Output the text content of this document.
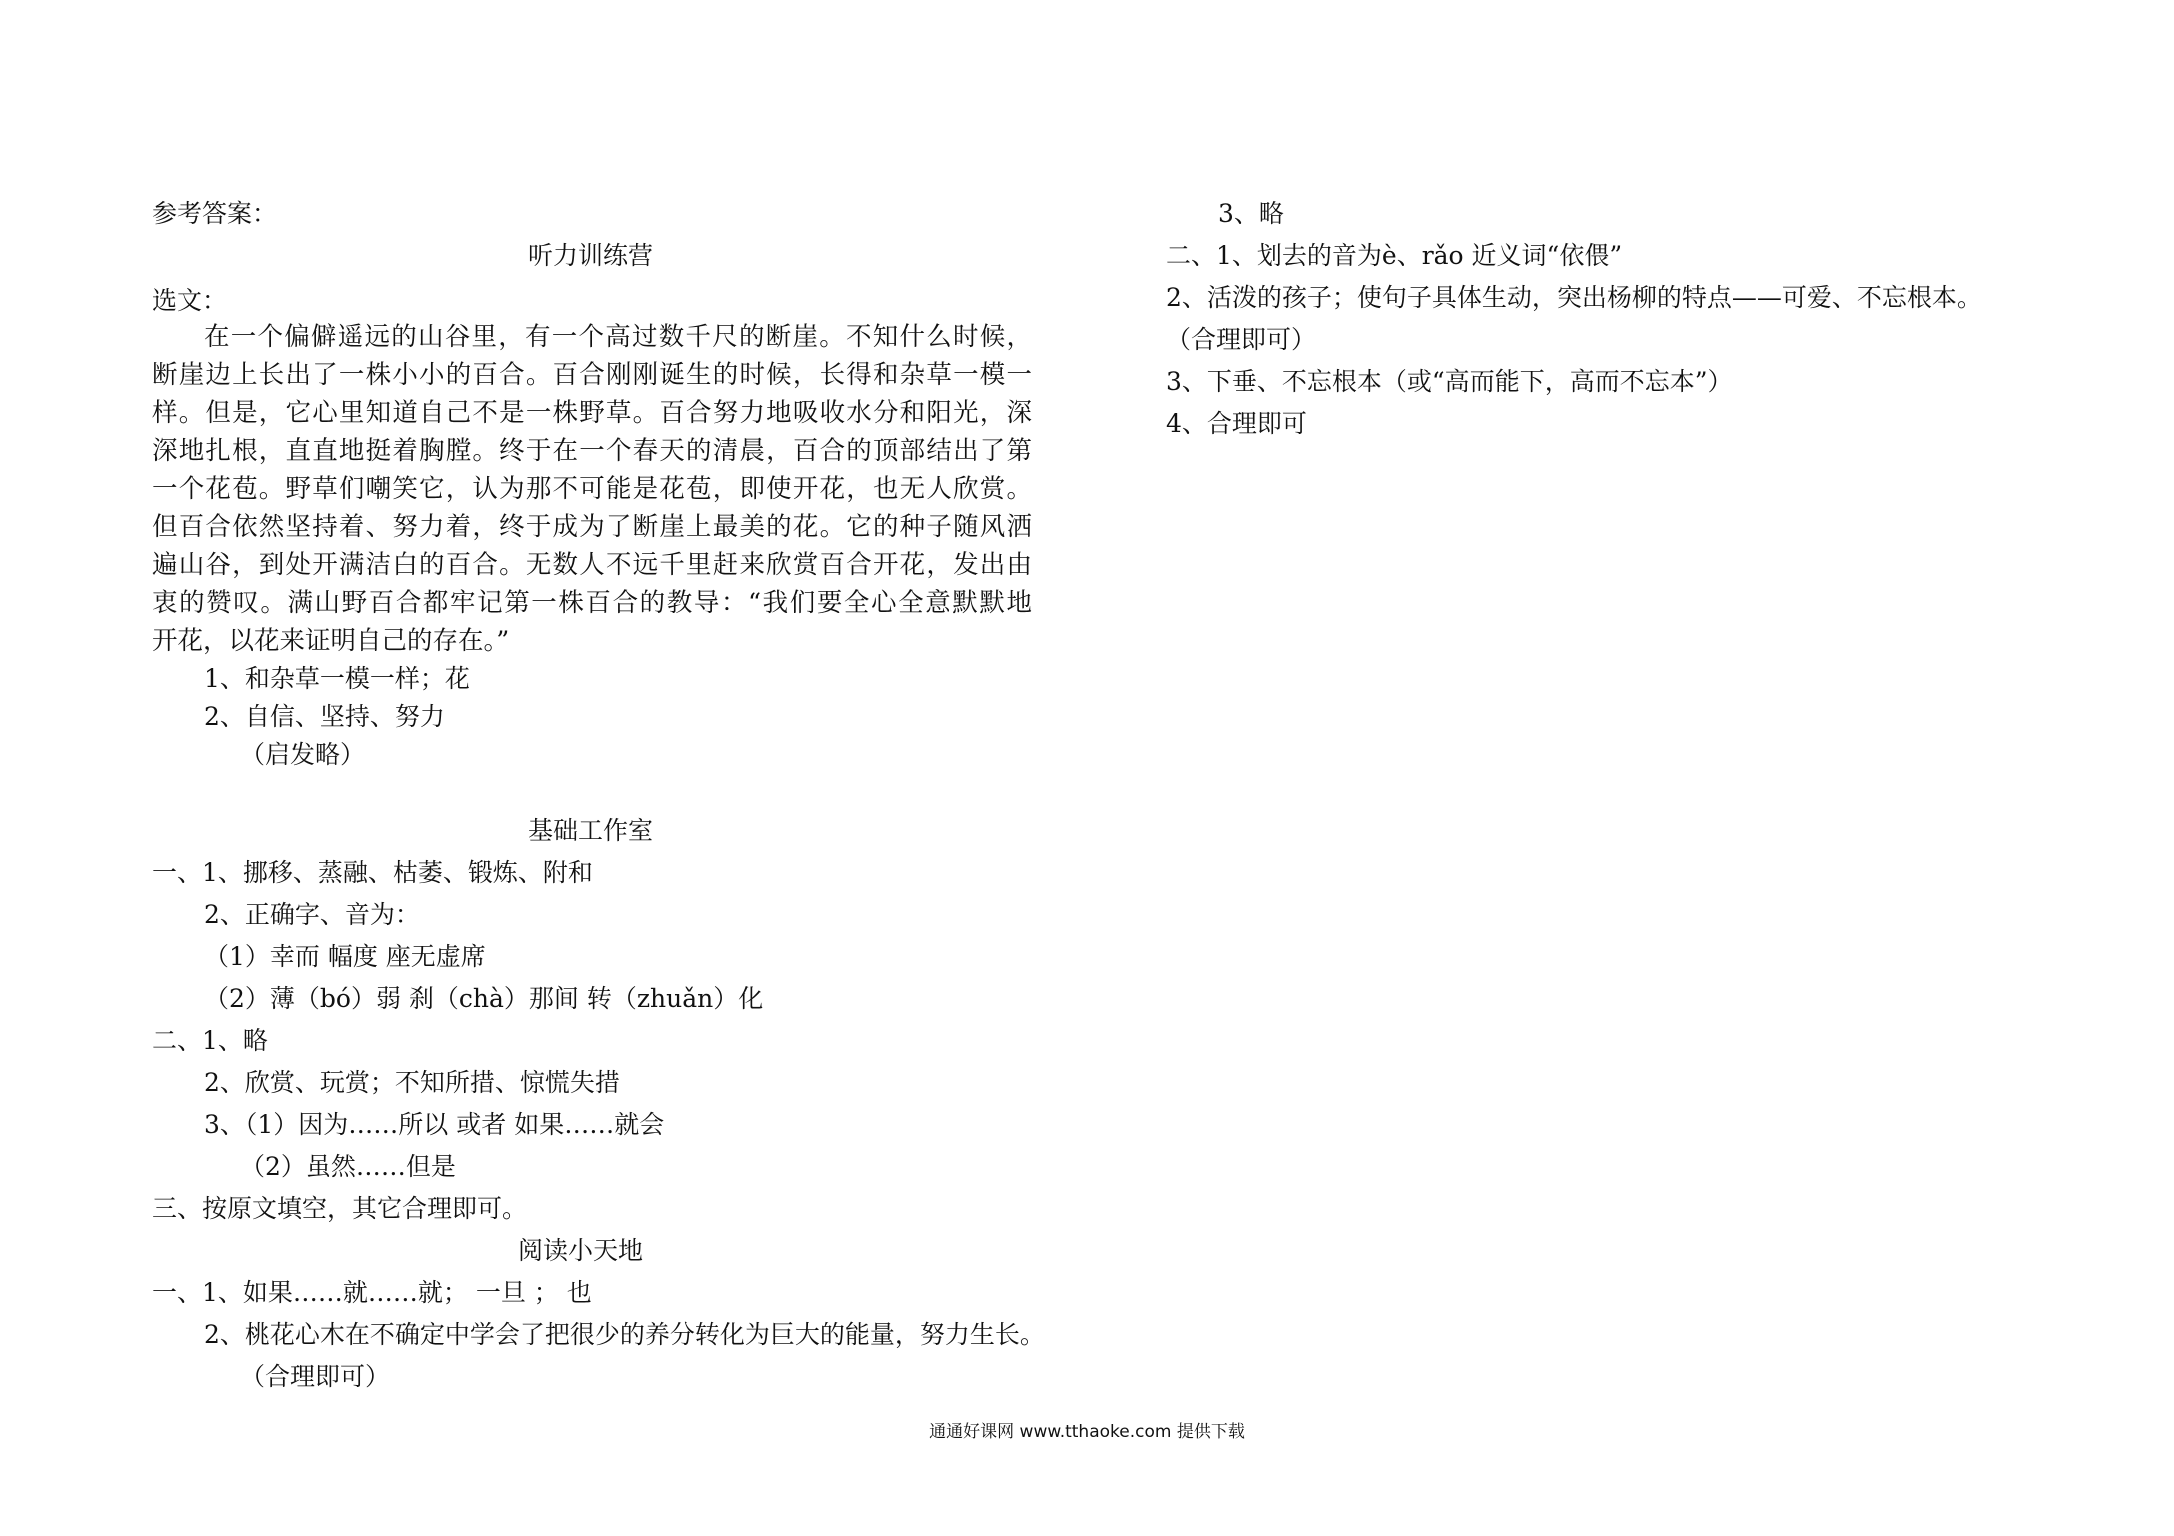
参考答案：
听力训练营
选文：
在一个偏僻遥远的山谷里，有一个高过数千尺的断崖。不知什么时候，
断崖边上长出了一株小小的百合。百合刚刚诞生的时候，长得和杂草一模一
样。但是，它心里知道自己不是一株野草。百合努力地吸收水分和阳光，深
深地扎根，直直地挺着胸膛。终于在一个春天的清晨，百合的顶部结出了第
一个花苞。野草们嘲笑它，认为那不可能是花苞，即使开花，也无人欣赏。
但百合依然坚持着、努力着，终于成为了断崖上最美的花。它的种子随风洒
遍山谷，到处开满洁白的百合。无数人不远千里赶来欣赏百合开花，发出由
衷的赞叹。满山野百合都牢记第一株百合的教导：“我们要全心全意默默地
开花，以花来证明自己的存在。”
1、和杂草一模一样；花
2、自信、坚持、努力
（启发略）
基础工作室
一、1、挪移、蒸融、枯萎、锻炼、附和
2、正确字、音为：
（1）幸而 幅度 座无虚席
（2）薄（bó）弱 刹（chà）那间 转（zhuǎn）化
二、1、略
2、欣赏、玩赏；不知所措、惊慌失措
3、（1）因为……所以 或者 如果……就会
（2）虽然……但是
三、按原文填空，其它合理即可。
阅读小天地
一、1、如果……就……就； 一旦 ； 也
2、桃花心木在不确定中学会了把很少的养分转化为巨大的能量，努力生长。
（合理即可）
3、略
二、1、划去的音为è、rǎo 近义词“依偎”
2、活泼的孩子；使句子具体生动，突出杨柳的特点——可爱、不忘根本。
（合理即可）
3、下垂、不忘根本（或“高而能下，高而不忘本”）
4、合理即可
通通好课网 www.tthaoke.com 提供下载
